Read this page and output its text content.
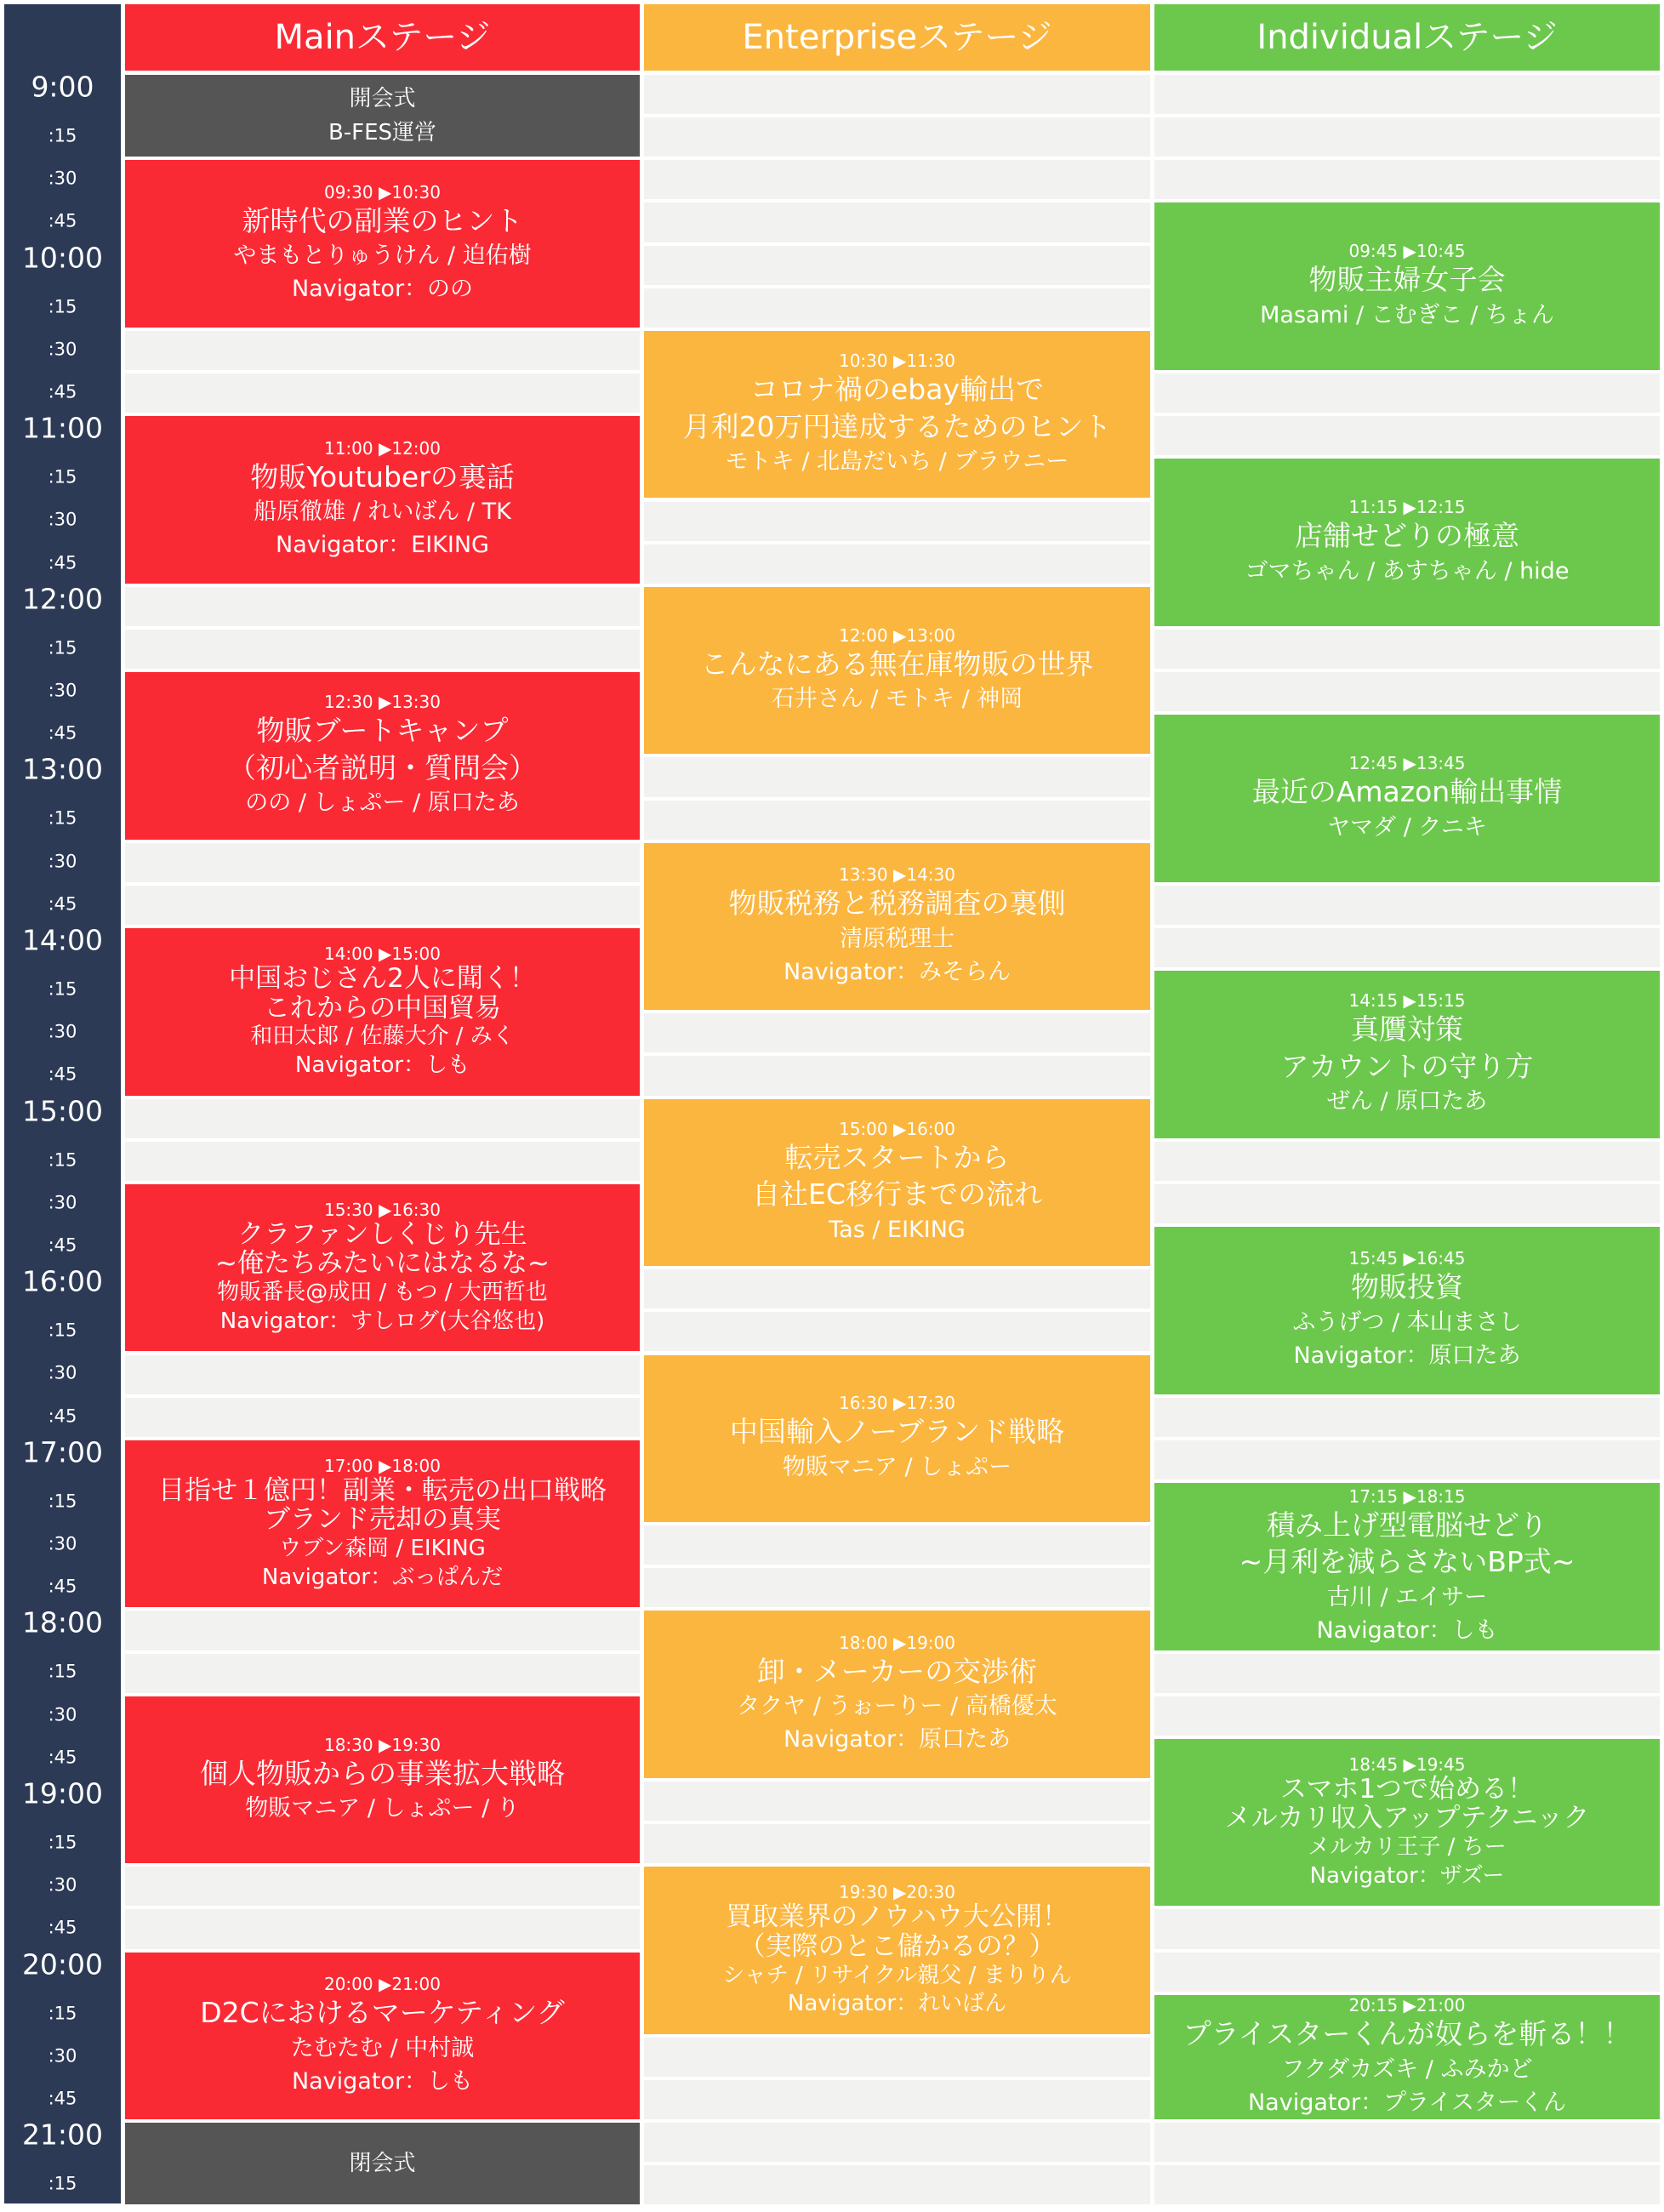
9:00
:15
:30
:45
10:00
:15
:30
:45
11:00
:15
:30
:45
12:00
:15
:30
:45
13:00
:15
:30
:45
14:00
:15
:30
:45
15:00
:15
:30
:45
16:00
:15
:30
:45
17:00
:15
:30
:45
18:00
:15
:30
:45
19:00
:15
:30
:45
20:00
:15
:30
:45
21:00
:15
Mainステージ	Enterpriseステージ	Individualステージ
開会式
B-FES運営
09:30 ▶10:30
新時代の副業のヒント
やまもとりゅうけん / 迫佑樹
Navigator：のの
11:00 ▶12:00
物販Youtuberの裏話
船原徹雄 / れいばん / TK
Navigator：EIKING
12:30 ▶13:30
物販ブートキャンプ
（初心者説明・質問会）
のの / しょぷー / 原口たあ
14:00 ▶15:00
中国おじさん2人に聞く！
これからの中国貿易
和田太郎 / 佐藤大介 / みく
Navigator：しも
15:30 ▶16:30
クラファンしくじり先生
~俺たちみたいにはなるな~
物販番長@成田 / もつ / 大西哲也
Navigator：すしログ(大谷悠也)
17:00 ▶18:00
目指せ１億円！副業・転売の出口戦略
ブランド売却の真実
ウブン森岡 / EIKING
Navigator：ぶっぱんだ
18:30 ▶19:30
個人物販からの事業拡大戦略
物販マニア / しょぷー / り
20:00 ▶21:00
D2Cにおけるマーケティング
たむたむ / 中村誠
Navigator：しも
閉会式
10:30 ▶11:30
コロナ禍のebay輸出で
月利20万円達成するためのヒント
モトキ / 北島だいち / ブラウニー
12:00 ▶13:00
こんなにある無在庫物販の世界
石井さん / モトキ / 神岡
13:30 ▶14:30
物販税務と税務調査の裏側
清原税理士
Navigator：みそらん
15:00 ▶16:00
転売スタートから
自社EC移行までの流れ
Tas / EIKING
16:30 ▶17:30
中国輸入ノーブランド戦略
物販マニア / しょぷー
18:00 ▶19:00
卸・メーカーの交渉術
タクヤ / うぉーりー / 高橋優太
Navigator：原口たあ
19:30 ▶20:30
買取業界のノウハウ大公開！
（実際のとこ儲かるの？）
シャチ / リサイクル親父 / まりりん
Navigator：れいばん
09:45 ▶10:45
物販主婦女子会
Masami / こむぎこ / ちょん
11:15 ▶12:15
店舗せどりの極意
ゴマちゃん / あすちゃん / hide
12:45 ▶13:45
最近のAmazon輸出事情
ヤマダ / クニキ
14:15 ▶15:15
真贋対策
アカウントの守り方
ぜん / 原口たあ
15:45 ▶16:45
物販投資
ふうげつ / 本山まさし
Navigator：原口たあ
17:15 ▶18:15
積み上げ型電脳せどり
~月利を減らさないBP式~
古川 / エイサー
Navigator：しも
18:45 ▶19:45
スマホ1つで始める！
メルカリ収入アップテクニック
メルカリ王子 / ちー
Navigator：ザズー
20:15 ▶21:00
プライスターくんが奴らを斬る！！
フクダカズキ / ふみかど
Navigator：プライスターくん
